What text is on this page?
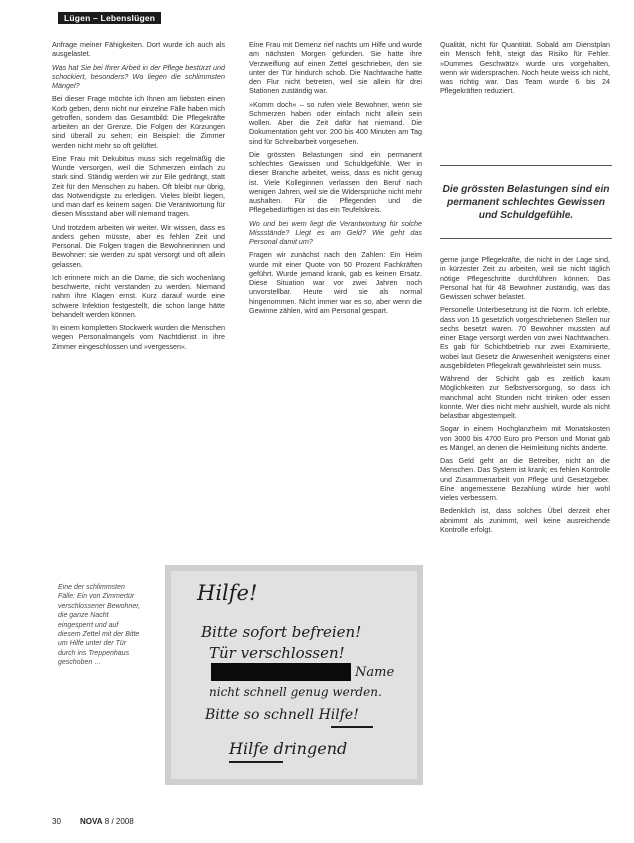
Lügen – Lebenslügen

Anfrage meiner Fähigkeiten. Dort wurde ich auch als ausgelastet.

Was hat Sie bei Ihrer Arbeit in der Pflege bestürzt und schockiert, besonders? Wo liegen die schlimmsten Mängel?

Bei dieser Frage möchte ich Ihnen am liebsten einen Korb geben, denn nicht nur einzelne Fälle haben mich getroffen, sondern das Gesamtbild: Die Pflegekräfte arbeiten an der Grenze. Die Folgen der Kürzungen sind überall zu sehen; ein Beispiel: die Zimmer werden nicht mehr so oft gelüftet.

Eine Frau mit Dekubitus muss sich regelmäßig die Wunde versorgen, weil die Schmerzen einfach zu stark sind. Ständig werden wir zur Eile gedrängt, statt Zeit für den Menschen zu haben. Oft bleibt nur übrig, das Notwendigste zu erledigen. Vieles bleibt liegen, und man darf es keinem sagen. Die Verantwortung für diesen Missstand aber will niemand tragen.

Und trotzdem arbeiten wir weiter. Wir wissen, dass es anders gehen müsste, aber es fehlen Zeit und Personal. Die Folgen tragen die Bewohnerinnen und Bewohner: sie werden zu spät versorgt und oft allein gelassen.

Ich erinnere mich an die Dame, die sich wochenlang beschwerte, nicht verstanden zu werden. Niemand nahm ihre Klagen ernst. Kurz darauf wurde eine schwere Infektion festgestellt, die schon lange hätte behandelt werden können.

In einem kompletten Stockwerk wurden die Menschen wegen Personalmangels vom Nachtdienst in ihre Zimmer eingeschlossen und »vergessen«.

Eine Frau mit Demenz rief nachts um Hilfe und wurde am nächsten Morgen gefunden. Sie hatte ihre Verzweiflung auf einen Zettel geschrieben, den sie unter der Tür hindurch schob. Die Nachtwache hatte den Flur nicht betreten, weil sie allein für drei Stationen zuständig war.

»Komm doch« – so rufen viele Bewohner, wenn sie Schmerzen haben oder einfach nicht allein sein wollen. Aber die Zeit dafür hat niemand. Die Dokumentation geht vor. 200 bis 400 Minuten am Tag sind für Schreibarbeit vorgesehen.

Die grössten Belastungen sind ein permanent schlechtes Gewissen und Schuldgefühle. Wer in dieser Branche arbeitet, weiss, dass es nicht genug ist. Viele Kolleginnen verlassen den Beruf nach wenigen Jahren, weil sie die Widersprüche nicht mehr aushalten. Für die Pflegenden und die Pflegebedürftigen ist das ein Teufelskreis.

Wo und bei wem liegt die Verantwortung für solche Missstände? Liegt es am Geld? Wie geht das Personal damit um?

Fragen wir zunächst nach den Zahlen: Ein Heim wurde mit einer Quote von 50 Prozent Fachkräften geführt. Wurde jemand krank, gab es keinen Ersatz. Diese Situation war vor zwei Jahren noch unvorstellbar. Heute wird sie als normal hingenommen. Nicht immer war es so, aber wenn die Gewinne zählen, wird am Personal gespart.

Qualität, nicht für Quantität. Sobald am Dienstplan ein Mensch fehlt, steigt das Risiko für Fehler. »Dummes Geschwätz« wurde uns vorgehalten, wenn wir widersprachen. Noch heute weiss ich nicht, was richtig war. Das Team wurde 6 bis 24 Pflegekräften reduziert.

Die grössten Belastungen sind ein permanent schlechtes Gewissen und Schuldgefühle.

gerne junge Pflegekräfte, die nicht in der Lage sind, in kürzester Zeit zu arbeiten, weil sie nicht täglich nötige Pflegeschritte durchführen können. Das Personal hat für 48 Bewohner zuständig, was das Gewissen schwer belastet.

Personelle Unterbesetzung ist die Norm. Ich erlebte, dass von 15 gesetzlich vorgeschriebenen Stellen nur sechs besetzt waren. 70 Bewohner mussten auf einer Etage versorgt werden von zwei Nachtwachen. Es gab für Schichtbetrieb nur zwei Examinierte, wobei laut Gesetz die Anwesenheit wenigstens einer ausgebildeten Pflegekraft gewährleistet sein muss.

Während der Schicht gab es zeitlich kaum Möglichkeiten zur Selbstversorgung, so dass ich manchmal acht Stunden nicht trinken oder essen konnte. Wer dies nicht mehr aushielt, wurde als nicht belastbar abgestempelt.

Sogar in einem Hochglanzheim mit Monatskosten von 3000 bis 4700 Euro pro Person und Monat gab es Mängel, an denen die Heimleitung nichts änderte.

Das Geld geht an die Betreiber, nicht an die Menschen. Das System ist krank; es fehlen Kontrolle und Zusammenarbeit von Pflege und Gesetzgeber. Eine angemessene Bezahlung würde hier wohl vieles verbessern.

Bedenklich ist, dass solches Übel derzeit eher abnimmt als zunimmt, weil keine ausreichende Kontrolle erfolgt.

Eine der schlimmsten Fälle: Ein von Zimmertür verschlossener Bewohner, die ganze Nacht eingesperrt und auf diesem Zettel mit der Bitte um Hilfe unter der Tür durch ins Treppenhaus geschoben …
Hilfe!
Bitte sofort befreien!
Tür verschlossen!
Name
nicht schnell genug werden.
Bitte so schnell Hilfe!
Hilfe dringend
30 NOVA 8 / 2008
